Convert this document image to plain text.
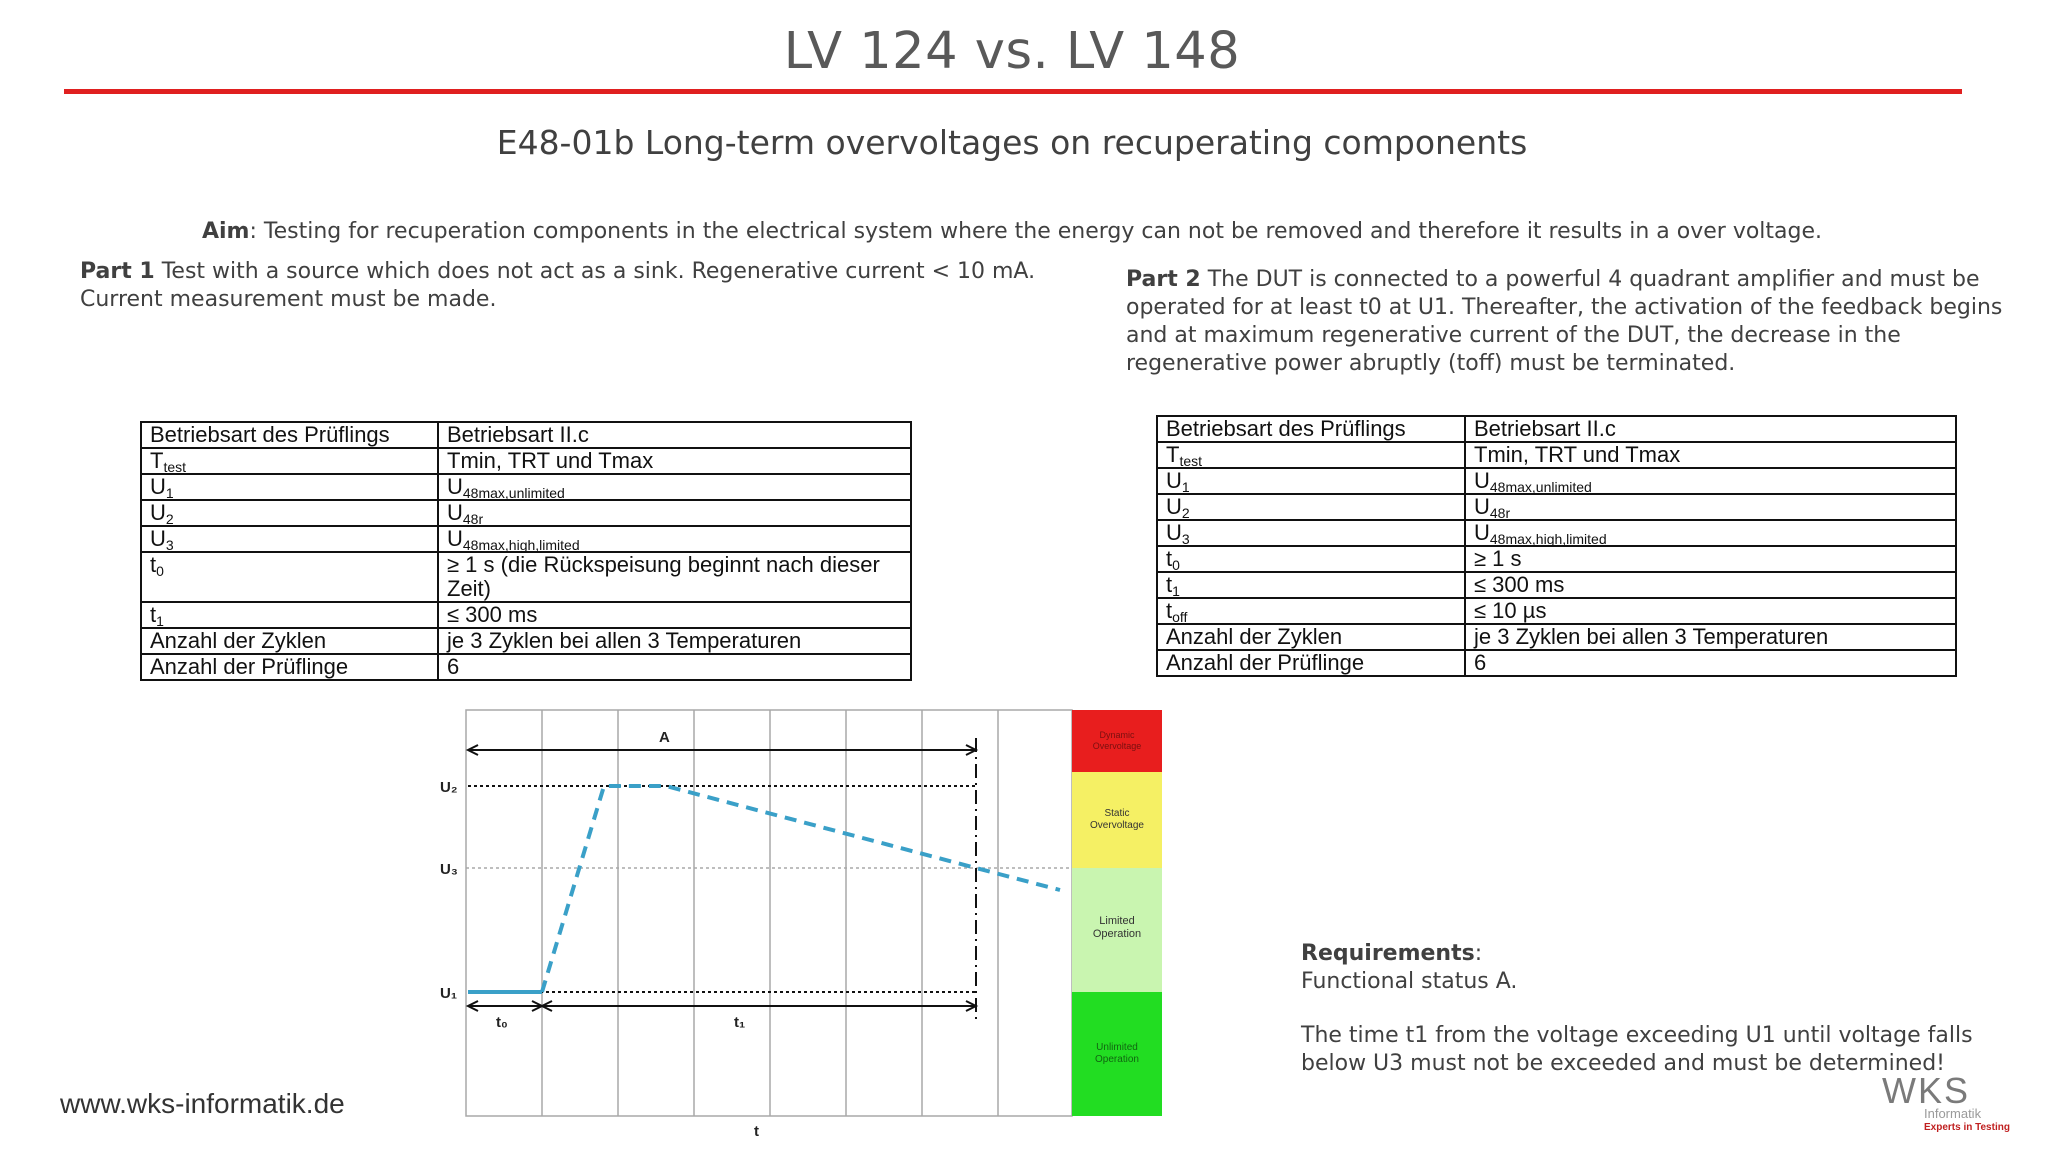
LV 124 vs. LV 148
E48-01b Long-term overvoltages on recuperating components
Aim: Testing for recuperation components in the electrical system where the energy can not be removed and therefore it results in a over voltage.
Part 1 Test with a source which does not act as a sink. Regenerative current < 10 mA. Current measurement must be made.
Part 2 The DUT is connected to a powerful 4 quadrant amplifier and must be operated for at least t0 at U1. Thereafter, the activation of the feedback begins and at maximum regenerative current of the DUT, the decrease in the regenerative power abruptly (toff) must be terminated.
Betriebsart des Prüflings	Betriebsart II.c
$T_{test}$	Tmin, TRT und Tmax
$U_1$	$U_{48max,unlimited}$
$U_2$	$U_{48r}$
$U_3$	$U_{48max,high,limited}$
$t_0$	≥ 1 s (die Rückspeisung beginnt nach dieser Zeit)
$t_1$	≤ 300 ms
Anzahl der Zyklen	je 3 Zyklen bei allen 3 Temperaturen
Anzahl der Prüflinge	6
Betriebsart des Prüflings	Betriebsart II.c
$T_{test}$	Tmin, TRT und Tmax
$U_1$	$U_{48max,unlimited}$
$U_2$	$U_{48r}$
$U_3$	$U_{48max,high,limited}$
$t_0$	≥ 1 s
$t_1$	≤ 300 ms
$t_{off}$	≤ 10 µs
Anzahl der Zyklen	je 3 Zyklen bei allen 3 Temperaturen
Anzahl der Prüflinge	6
Dynamic Overvoltage
Static Overvoltage
Limited Operation
Unlimited Operation
A
U₂
U₃
U₁
t₀	t₁
t
Requirements:
Functional status A.
The time t1 from the voltage exceeding U1 until voltage falls below U3 must not be exceeded and must be determined!
www.wks-informatik.de	WKS
Informatik
Experts in Testing
